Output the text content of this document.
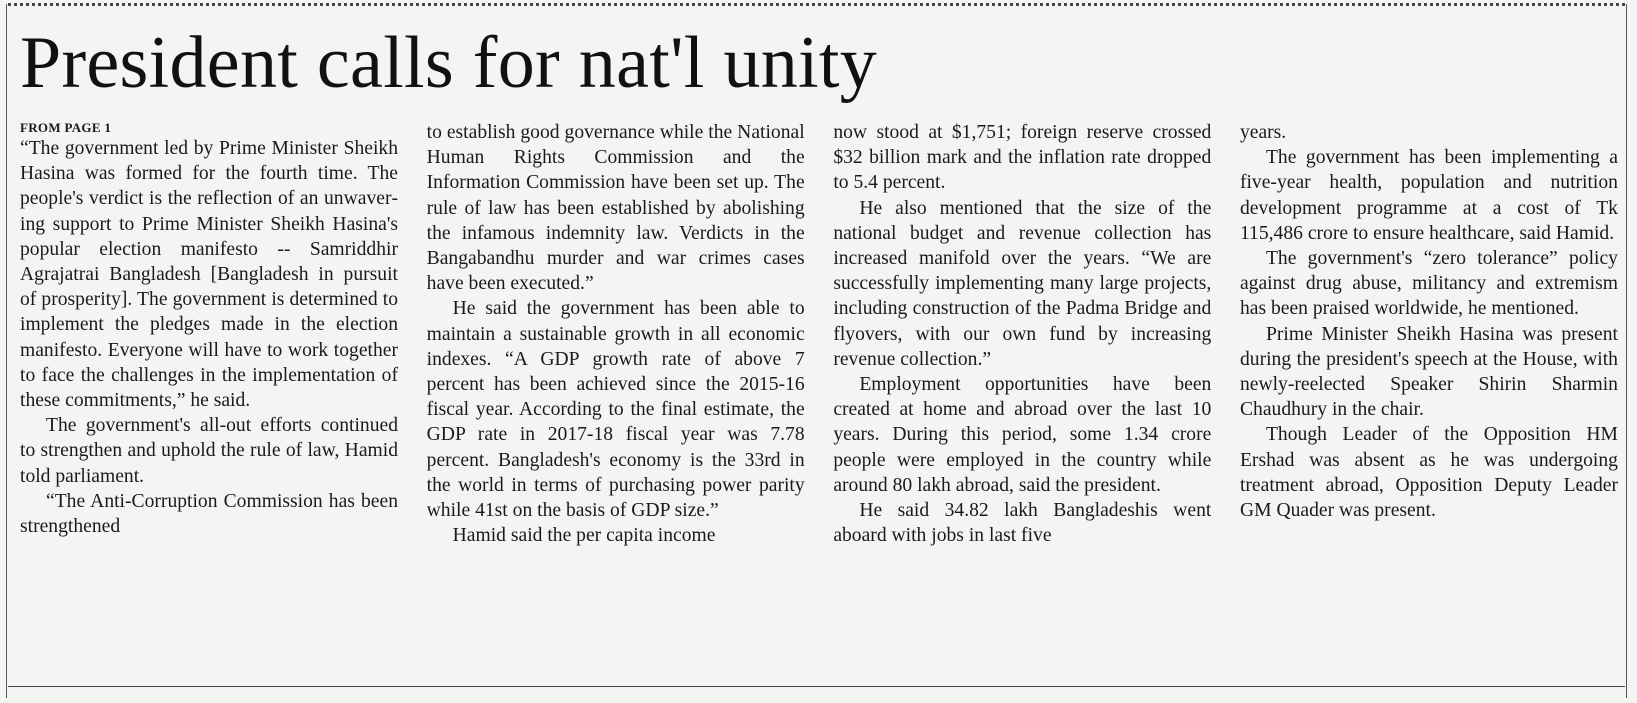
President calls for nat'l unity

FROM PAGE 1

“The government led by Prime Minister Sheikh Hasina was formed for the fourth time. The people's verdict is the reflection of an unwavering support to Prime Minister Sheikh Hasina's popular election manifesto -- Samriddhir Agrajatrai Bangladesh [Bangladesh in pursuit of prosperity]. The government is determined to implement the pledges made in the election manifesto. Everyone will have to work together to face the challenges in the implementation of these commitments,” he said.

The government's all-out efforts continued to strengthen and uphold the rule of law, Hamid told parliament.

“The Anti-Corruption Commission has been strengthened

to establish good governance while the National Human Rights Commission and the Information Commission have been set up. The rule of law has been established by abolishing the infamous indemnity law. Verdicts in the Bangabandhu murder and war crimes cases have been executed.”

He said the government has been able to maintain a sustainable growth in all economic indexes. “A GDP growth rate of above 7 percent has been achieved since the 2015-16 fiscal year. According to the final estimate, the GDP rate in 2017-18 fiscal year was 7.78 percent. Bangladesh's economy is the 33rd in the world in terms of purchasing power parity while 41st on the basis of GDP size.”

Hamid said the per capita income

now stood at $1,751; foreign reserve crossed $32 billion mark and the inflation rate dropped to 5.4 percent.

He also mentioned that the size of the national budget and revenue collection has increased manifold over the years. “We are successfully implementing many large projects, including construction of the Padma Bridge and flyovers, with our own fund by increasing revenue collection.”

Employment opportunities have been created at home and abroad over the last 10 years. During this period, some 1.34 crore people were employed in the country while around 80 lakh abroad, said the president.

He said 34.82 lakh Bangladeshis went aboard with jobs in last five

years.

The government has been implementing a five-year health, population and nutrition development programme at a cost of Tk 115,486 crore to ensure healthcare, said Hamid.

The government's “zero tolerance” policy against drug abuse, militancy and extremism has been praised worldwide, he mentioned.

Prime Minister Sheikh Hasina was present during the president's speech at the House, with newly-reelected Speaker Shirin Sharmin Chaudhury in the chair.

Though Leader of the Opposition HM Ershad was absent as he was undergoing treatment abroad, Opposition Deputy Leader GM Quader was present.
